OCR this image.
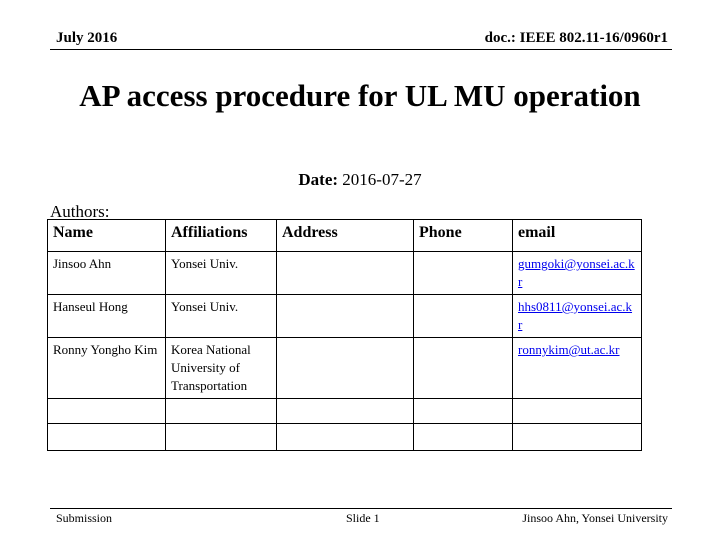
July 2016	doc.: IEEE 802.11-16/0960r1
AP access procedure for UL MU operation
Date: 2016-07-27
Authors:
Name	Affiliations	Address	Phone	email
Jinsoo Ahn	Yonsei Univ.			gumgoki@yonsei.ac.kr
Hanseul Hong	Yonsei Univ.			hhs0811@yonsei.ac.kr
Ronny Yongho Kim	Korea National University of Transportation			ronnykim@ut.ac.kr

Submission	Slide 1	Jinsoo Ahn, Yonsei University
